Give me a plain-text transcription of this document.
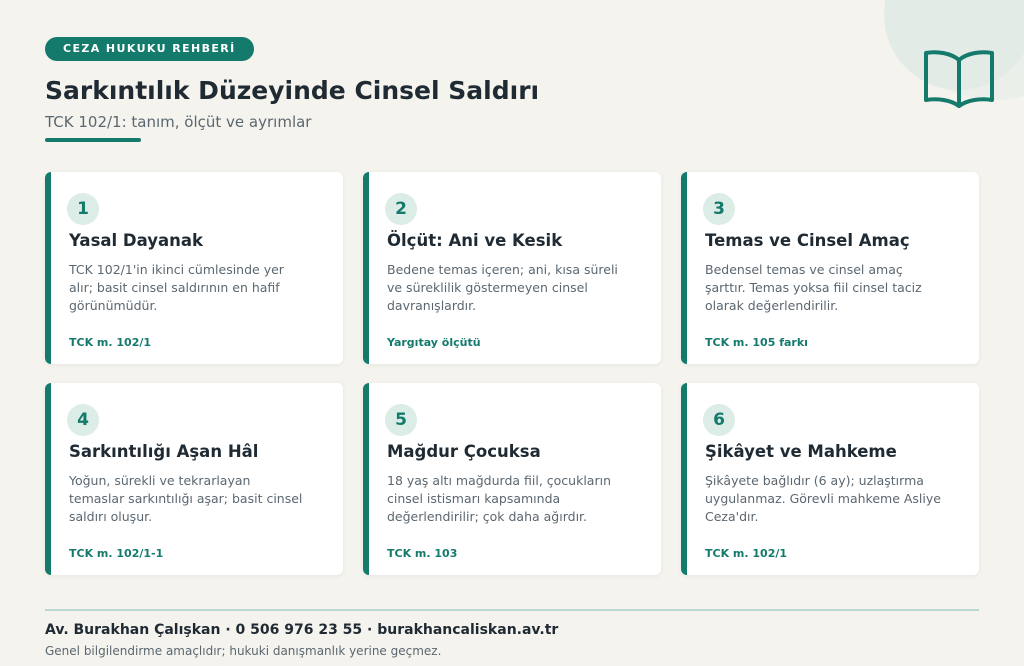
CEZA HUKUKU REHBERİ
Sarkıntılık Düzeyinde Cinsel Saldırı
TCK 102/1: tanım, ölçüt ve ayrımlar
1
Yasal Dayanak
TCK 102/1'in ikinci cümlesinde yer alır; basit cinsel saldırının en hafif görünümüdür.
TCK m. 102/1
2
Ölçüt: Ani ve Kesik
Bedene temas içeren; ani, kısa süreli ve süreklilik göstermeyen cinsel davranışlardır.
Yargıtay ölçütü
3
Temas ve Cinsel Amaç
Bedensel temas ve cinsel amaç şarttır. Temas yoksa fiil cinsel taciz olarak değerlendirilir.
TCK m. 105 farkı
4
Sarkıntılığı Aşan Hâl
Yoğun, sürekli ve tekrarlayan temaslar sarkıntılığı aşar; basit cinsel saldırı oluşur.
TCK m. 102/1-1
5
Mağdur Çocuksa
18 yaş altı mağdurda fiil, çocukların cinsel istismarı kapsamında değerlendirilir; çok daha ağırdır.
TCK m. 103
6
Şikâyet ve Mahkeme
Şikâyete bağlıdır (6 ay); uzlaştırma uygulanmaz. Görevli mahkeme Asliye Ceza'dır.
TCK m. 102/1
Av. Burakhan Çalışkan · 0 506 976 23 55 · burakhancaliskan.av.tr
Genel bilgilendirme amaçlıdır; hukuki danışmanlık yerine geçmez.
